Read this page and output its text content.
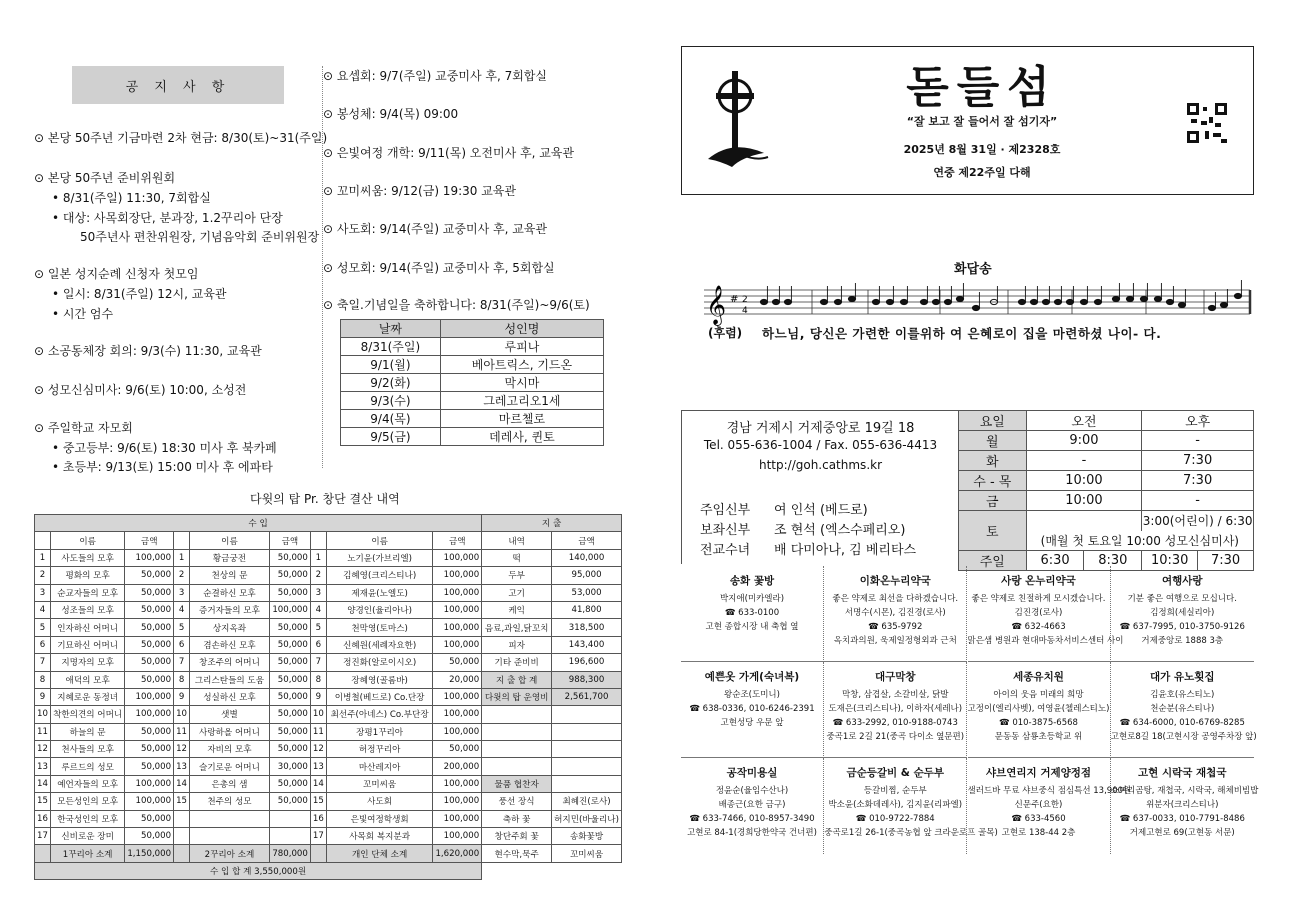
공 지 사 항
⊙ 본당 50주년 기금마련 2차 현금: 8/30(토)~31(주일)
⊙ 본당 50주년 준비위원회
• 8/31(주일) 11:30, 7회합실
• 대상: 사목회장단, 분과장, 1.2꾸리아 단장
50주년사 편찬위원장, 기념음악회 준비위원장
⊙ 일본 성지순례 신청자 첫모임
• 일시: 8/31(주일) 12시, 교육관
• 시간 엄수
⊙ 소공동체장 회의: 9/3(수) 11:30, 교육관
⊙ 성모신심미사: 9/6(토) 10:00, 소성전
⊙ 주일학교 자모회
• 중고등부: 9/6(토) 18:30 미사 후 북카페
• 초등부: 9/13(토) 15:00 미사 후 에파타
⊙ 요셉회: 9/7(주일) 교중미사 후, 7회합실
⊙ 봉성체: 9/4(목) 09:00
⊙ 은빛여정 개학: 9/11(목) 오전미사 후, 교육관
⊙ 꼬미씨움: 9/12(금) 19:30 교육관
⊙ 사도회: 9/14(주일) 교중미사 후, 교육관
⊙ 성모회: 9/14(주일) 교중미사 후, 5회합실
⊙ 축일.기념일을 축하합니다: 8/31(주일)~9/6(토)
날짜	성인명
8/31(주일)	루피나
9/1(월)	베아트릭스, 기드온
9/2(화)	막시마
9/3(수)	그레고리오1세
9/4(목)	마르첼로
9/5(금)	데레사, 퀸토
다윗의 탑 Pr. 창단 결산 내역
수 입									지 출	
	이름	금액		이름	금액		이름	금액	내역	금액
1	사도들의 모후	100,000	1	황금궁전	50,000	1	노기윤(가브리엘)	100,000	떡	140,000
2	평화의 모후	50,000	2	천상의 문	50,000	2	김혜영(크리스티나)	100,000	두부	95,000
3	순교자들의 모후	50,000	3	순결하신 모후	50,000	3	제재윤(노엘도)	100,000	고기	53,000
4	성조들의 모후	50,000	4	증거자들의 모후	100,000	4	양경인(율리아나)	100,000	케익	41,800
5	인자하신 어머니	50,000	5	상지옥좌	50,000	5	천막영(토마스)	100,000	음료,과일,닭꼬치	318,500
6	기묘하신 어머니	50,000	6	겸손하신 모후	50,000	6	신혜원(세례자요한)	100,000	피자	143,400
7	지명자의 모후	50,000	7	창조주의 어머니	50,000	7	정진화(알로이시오)	50,000	기타 준비비	196,600
8	애덕의 모후	50,000	8	그리스탄들의 도움	50,000	8	장혜영(골롬바)	20,000	지 출 합 계	988,300
9	지혜로운 동정녀	100,000	9	성실하신 모후	50,000	9	이병철(베드로) Co.단장	100,000	다윗의 탑 운영비	2,561,700
10	착한의견의 어머니	100,000	10	샛별	50,000	10	최선주(아네스) Co.부단장	100,000		
11	하늘의 문	50,000	11	사랑하올 어머니	50,000	11	장평1꾸리아	100,000		
12	천사들의 모후	50,000	12	자비의 모후	50,000	12	허정꾸리아	50,000		
13	루르드의 성모	50,000	13	슬기로운 어머니	30,000	13	마산레지아	200,000		
14	예언자들의 모후	100,000	14	은총의 샘	50,000	14	꼬미씨움	100,000	물품 협찬자	
15	모든성인의 모후	100,000	15	천주의 성모	50,000	15	사도회	100,000	풍선 장식	최혜진(로사)
16	한국성인의 모후	50,000				16	은빛여정학생회	100,000	축하 꽃	허지민(바울리나)
17	신비로운 장미	50,000				17	사목회 복지분과	100,000	창단주회 꽃	송화꽃방
	1꾸리아 소계	1,150,000		2꾸리아 소계	780,000		개인 단체 소계	1,620,000	현수막,묵주	꼬미씨움
수 입 합 계 3,550,000원										
돋들섬
“잘 보고 잘 들어서 잘 섬기자”
2025년 8월 31일 · 제2328호
연중 제22주일 다해
화답송
𝄞 # 2
4
(후렴) 하느님, 당신은 가련한 이를위하 여 은혜로이 집을 마련하셨 나이- 다.
경남 거제시 거제중앙로 19길 18
Tel. 055-636-1004 / Fax. 055-636-4413
http://goh.cathms.kr
주임신부 여 인석 (베드로)
보좌신부 조 현석 (엑스수페리오)
전교수녀 배 다미아나, 김 베리타스
요일	오전		오후	
월	9:00		-	
화	-		7:30	
수 - 목	10:00		7:30	
금	10:00		-	
토			3:00(어린이) / 6:30	
	(매월 첫 토요일 10:00 성모신심미사)			
주일	6:30	8:30	10:30	7:30
송화 꽃방
박지애(미카엘라)
☎ 633-0100
고현 종합시장 내 축협 옆
이화온누리약국
좋은 약제로 최선을 다하겠습니다.
서명수(시몬), 김진경(로사)
☎ 635-9792
옥치과의원, 욱제일정형외과 근처
사랑 온누리약국
좋은 약제로 친절하게 모시겠습니다.
김진경(로사)
☎ 632-4663
맑은샘 병원과 현대마동차서비스센터 사이
여행사랑
기분 좋은 여행으로 모십니다.
김정희(세실리아)
☎ 637-7995, 010-3750-9126
거제중앙로 1888 3층
예쁜옷 가게(숙녀복)
왕순조(도미니)
☎ 638-0336, 010-6246-2391
고현성당 우문 앞
대구막창
막창, 삼겹살, 소갈비살, 닭발
도재은(크리스티나), 이하자(세레나)
☎ 633-2992, 010-9188-0743
중곡1로 2길 21(중곡 다이소 옆문편)
세종유치원
아이의 웃음 미래의 희망
고정이(엘리사벳), 여영윤(첼레스티노)
☎ 010-3875-6568
문동동 삼룡초등학교 위
대가 유노횟집
김윤호(유스티노)
천순분(유스티나)
☎ 634-6000, 010-6769-8285
고현로8길 18(고현시장 공영주차장 앞)
공작미용실
정윤순(율임수산나)
배종근(요한 금구)
☎ 633-7466, 010-8957-3490
고현로 84-1(경희당한약국 건너편)
금순등갈비 & 순두부
등갈비찜, 순두부
박소윤(소화데레사), 김지윤(리파엘)
☎ 010-9722-7884
중곡로1길 26-1(중곡농협 앞 크라운로프 골목)
샤브연리지 거제양정점
샐러드바 무료 샤브중식 점심특선 13,900원
신문주(요한)
☎ 633-4560
고현로 138-44 2층
고현 시락국 재첩국
소머리곰탕, 재첩국, 시락국, 해체비빔밥
위분자(크리스티나)
☎ 637-0033, 010-7791-8486
거제고현로 69(고현동 서문)
